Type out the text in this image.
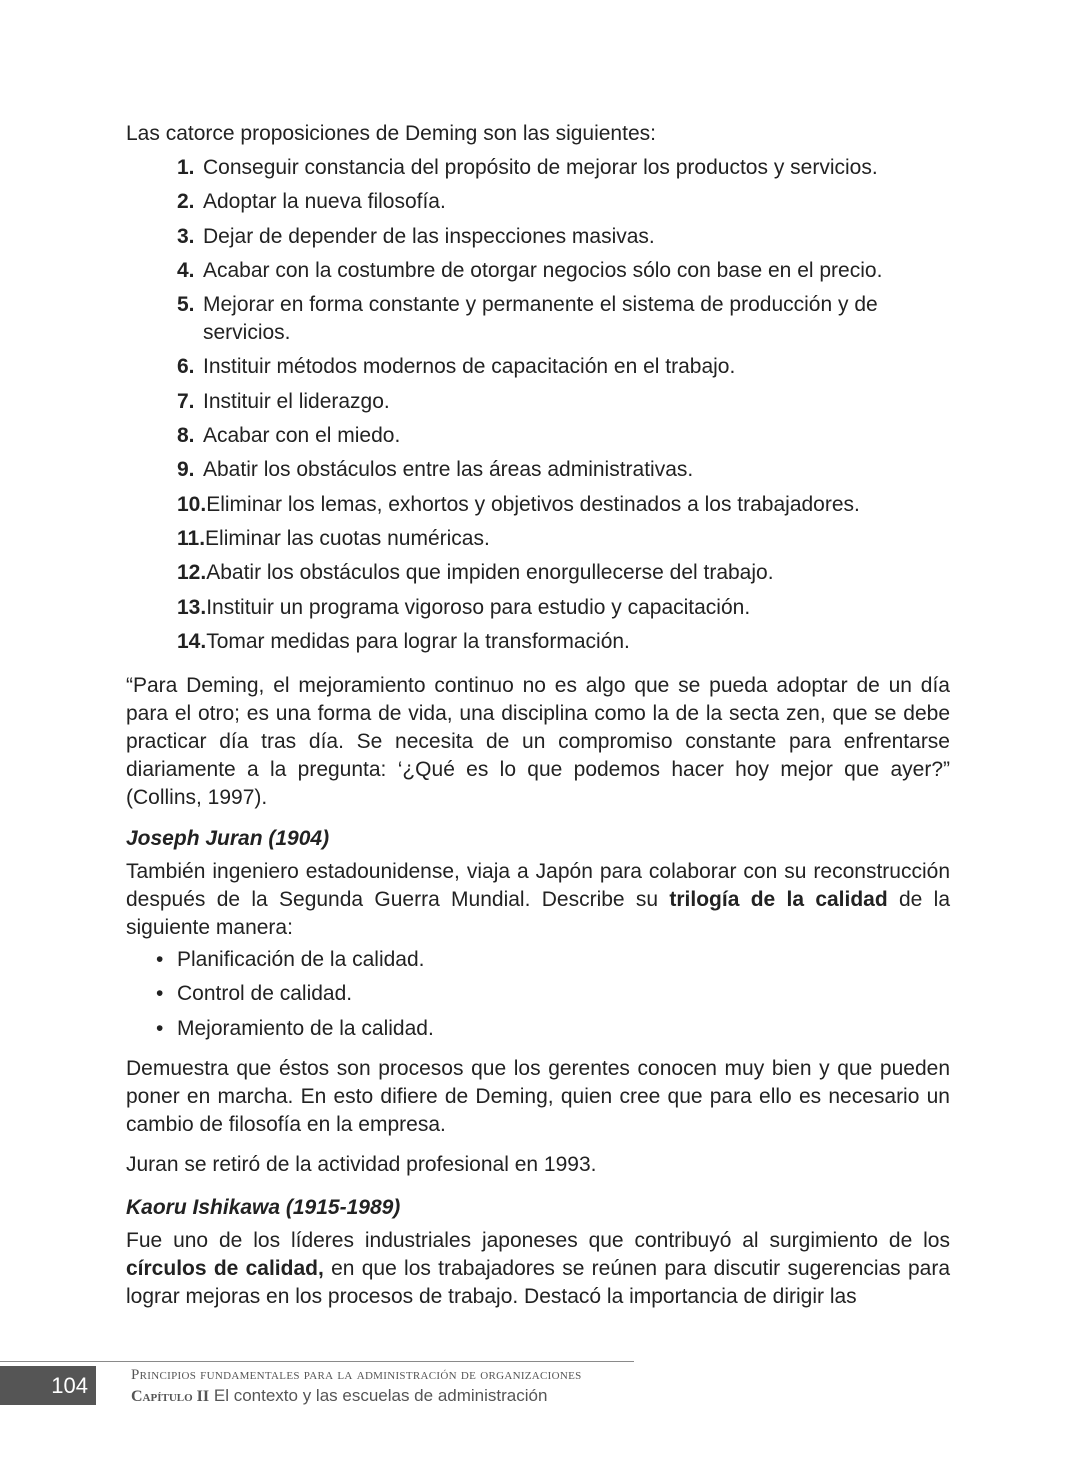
Las catorce proposiciones de Deming son las siguientes:

1. Conseguir constancia del propósito de mejorar los productos y servicios.
2. Adoptar la nueva filosofía.
3. Dejar de depender de las inspecciones masivas.
4. Acabar con la costumbre de otorgar negocios sólo con base en el precio.
5. Mejorar en forma constante y permanente el sistema de producción y de servicios.
6. Instituir métodos modernos de capacitación en el trabajo.
7. Instituir el liderazgo.
8. Acabar con el miedo.
9. Abatir los obstáculos entre las áreas administrativas.
10. Eliminar los lemas, exhortos y objetivos destinados a los trabajadores.
11. Eliminar las cuotas numéricas.
12. Abatir los obstáculos que impiden enorgullecerse del trabajo.
13. Instituir un programa vigoroso para estudio y capacitación.
14. Tomar medidas para lograr la transformación.

“Para Deming, el mejoramiento continuo no es algo que se pueda adoptar de un día para el otro; es una forma de vida, una disciplina como la de la secta zen, que se debe practicar día tras día. Se necesita de un compromiso constante para enfrentarse diariamente a la pregunta: ‘¿Qué es lo que podemos hacer hoy mejor que ayer?” (Collins, 1997).

Joseph Juran (1904)

También ingeniero estadounidense, viaja a Japón para colaborar con su reconstrucción después de la Segunda Guerra Mundial. Describe su trilogía de la calidad de la siguiente manera:

• Planificación de la calidad.
• Control de calidad.
• Mejoramiento de la calidad.

Demuestra que éstos son procesos que los gerentes conocen muy bien y que pueden poner en marcha. En esto difiere de Deming, quien cree que para ello es necesario un cambio de filosofía en la empresa.

Juran se retiró de la actividad profesional en 1993.

Kaoru Ishikawa (1915-1989)

Fue uno de los líderes industriales japoneses que contribuyó al surgimiento de los círculos de calidad, en que los trabajadores se reúnen para discutir sugerencias para lograr mejoras en los procesos de trabajo. Destacó la importancia de dirigir las

104	Principios fundamentales para la administración de organizaciones
Capítulo II El contexto y las escuelas de administración
